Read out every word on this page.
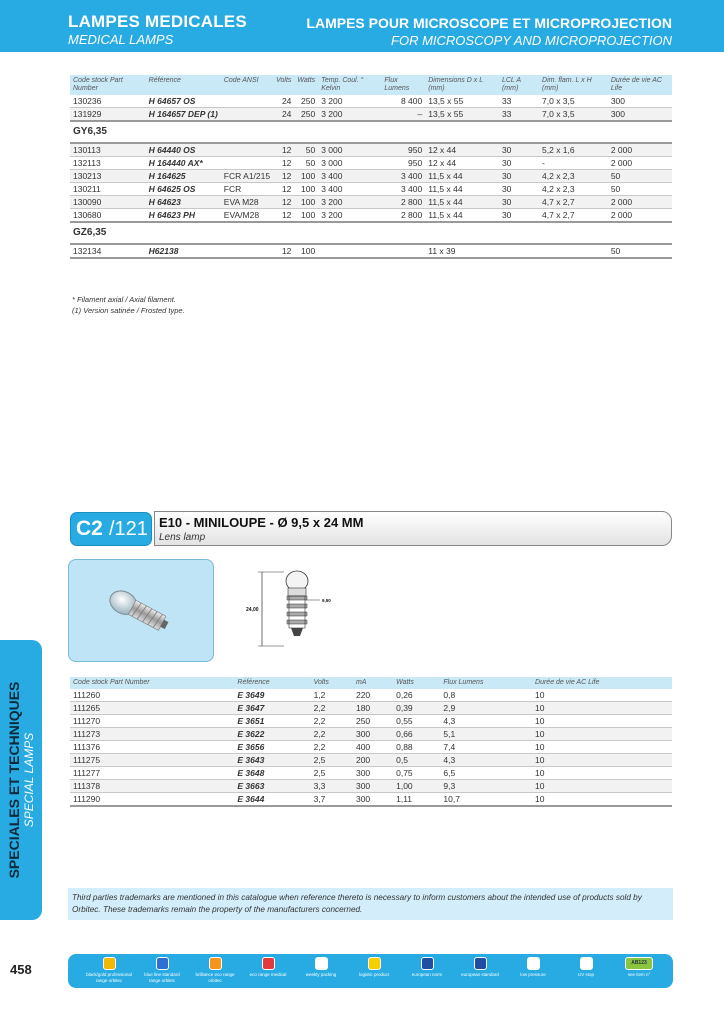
LAMPES MEDICALES
MEDICAL LAMPS
LAMPES POUR MICROSCOPE ET MICROPROJECTION
FOR MICROSCOPY AND MICROPROJECTION
Code stock Part Number	Référence	Code ANSI	Volts	Watts	Temp. Coul. ° Kelvin	Flux Lumens	Dimensions D x L (mm)	LCL A (mm)	Dim. flam. L x H (mm)	Durée de vie AC Life
130236	H 64657 OS		24	250	3 200	8 400	13,5 x 55	33	7,0 x 3,5	300
131929	H 164657 DEP (1)		24	250	3 200	–	13,5 x 55	33	7,0 x 3,5	300
GY6,35										
130113	H 64440 OS		12	50	3 000	950	12 x 44	30	5,2 x 1,6	2 000
132113	H 164440 AX*		12	50	3 000	950	12 x 44	30	-	2 000
130213	H 164625	FCR A1/215	12	100	3 400	3 400	11,5 x 44	30	4,2 x 2,3	50
130211	H 64625 OS	FCR	12	100	3 400	3 400	11,5 x 44	30	4,2 x 2,3	50
130090	H 64623	EVA M28	12	100	3 200	2 800	11,5 x 44	30	4,7 x 2,7	2 000
130680	H 64623 PH	EVA/M28	12	100	3 200	2 800	11,5 x 44	30	4,7 x 2,7	2 000
GZ6,35										
132134	H62138		12	100			11 x 39			50
* Filament axial / Axial filament.
(1) Version satinée / Frosted type.
C2 /121 E10 - MINILOUPE - Ø 9,5 x 24 MM
Lens lamp
24,00
9,50
Code stock Part Number	Référence	Volts	mA	Watts	Flux Lumens	Durée de vie AC Life
111260	E 3649	1,2	220	0,26	0,8	10
111265	E 3647	2,2	180	0,39	2,9	10
111270	E 3651	2,2	250	0,55	4,3	10
111273	E 3622	2,2	300	0,66	5,1	10
111376	E 3656	2,2	400	0,88	7,4	10
111275	E 3643	2,5	200	0,5	4,3	10
111277	E 3648	2,5	300	0,75	6,5	10
111378	E 3663	3,3	300	1,00	9,3	10
111290	E 3644	3,7	300	1,11	10,7	10
SPECIALES ET TECHNIQUES SPECIAL LAMPS
Third parties trademarks are mentioned in this catalogue when reference thereto is necessary to inform customers about the intended use of products sold by Orbitec. These trademarks remain the property of the manufacturers concerned.
458	black/gold professional range orbitec
blue line standard range orbitec
brilliance eco range orbitec
eco range medical	weekly packing	logistic product	european norm	european standard	low pressure	UV stop
AB123
see item n°
